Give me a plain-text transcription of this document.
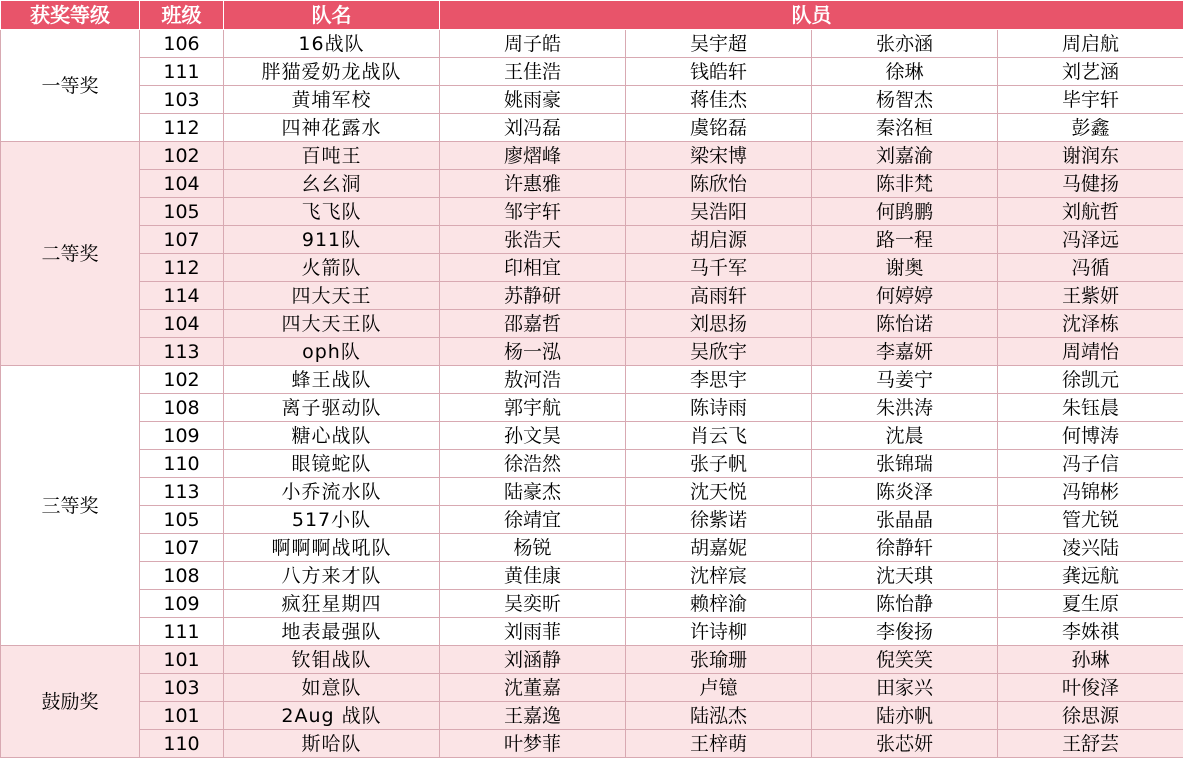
获奖等级	班级	队名	队员			
一等奖	106	16战队	周子皓	吴宇超	张亦涵	周启航
	111	胖猫爱奶龙战队	王佳浩	钱皓轩	徐琳	刘艺涵
	103	黄埔军校	姚雨豪	蒋佳杰	杨智杰	毕宇轩
	112	四神花露水	刘冯磊	虞铭磊	秦洺桓	彭鑫
二等奖	102	百吨王	廖熠峰	梁宋博	刘嘉渝	谢润东
	104	幺幺洞	许惠雅	陈欣怡	陈非梵	马健扬
	105	飞飞队	邹宇轩	吴浩阳	何鹍鹏	刘航哲
	107	911队	张浩天	胡启源	路一程	冯泽远
	112	火箭队	印相宜	马千军	谢奥	冯循
	114	四大天王	苏静研	高雨轩	何婷婷	王紫妍
	104	四大天王队	邵嘉哲	刘思扬	陈怡诺	沈泽栋
	113	oph队	杨一泓	吴欣宇	李嘉妍	周靖怡
三等奖	102	蜂王战队	敖河浩	李思宇	马姜宁	徐凯元
	108	离子驱动队	郭宇航	陈诗雨	朱洪涛	朱钰晨
	109	糖心战队	孙文昊	肖云飞	沈晨	何博涛
	110	眼镜蛇队	徐浩然	张子帆	张锦瑞	冯子信
	113	小乔流水队	陆豪杰	沈天悦	陈炎泽	冯锦彬
	105	517小队	徐靖宜	徐紫诺	张晶晶	管尤锐
	107	啊啊啊战吼队	杨锐	胡嘉妮	徐静轩	凌兴陆
	108	八方来才队	黄佳康	沈梓宸	沈天琪	龚远航
	109	疯狂星期四	吴奕昕	赖梓渝	陈怡静	夏生原
	111	地表最强队	刘雨菲	许诗柳	李俊扬	李姝祺
鼓励奖	101	钦钼战队	刘涵静	张瑜珊	倪笑笑	孙琳
	103	如意队	沈董嘉	卢镱	田家兴	叶俊泽
	101	2Aug 战队	王嘉逸	陆泓杰	陆亦帆	徐思源
	110	斯哈队	叶梦菲	王梓萌	张芯妍	王舒芸
